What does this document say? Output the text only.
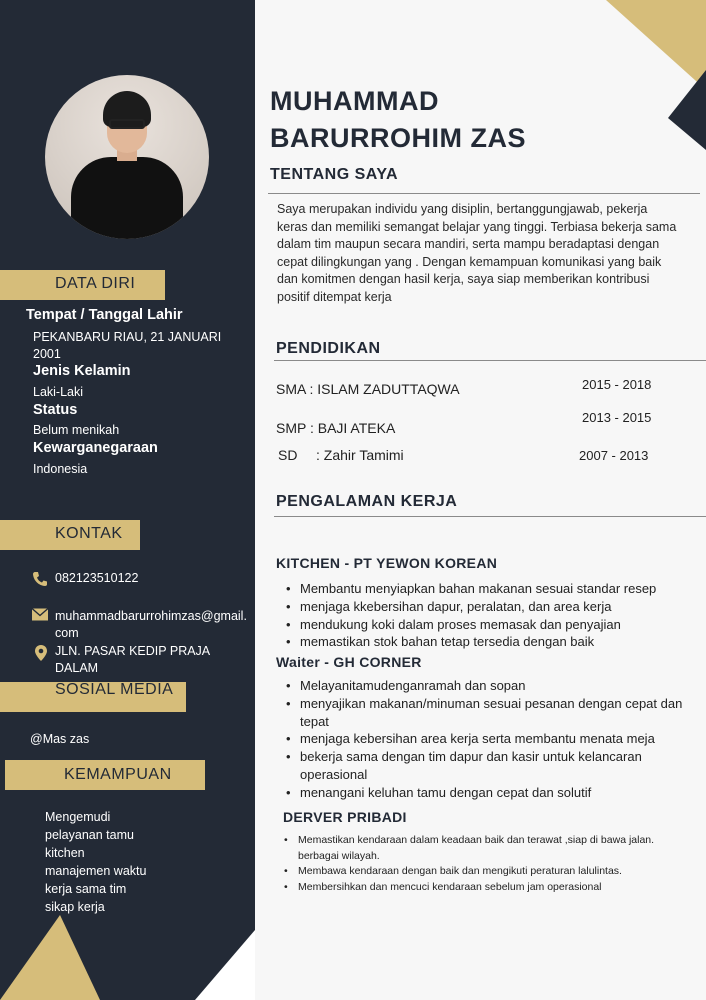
DATA DIRI
Tempat / Tanggal Lahir
PEKANBARU RIAU, 21 JANUARI 2001
Jenis Kelamin
Laki-Laki
Status
Belum menikah
Kewarganegaraan
Indonesia
KONTAK
082123510122
muhammadbarurrohimzas@gmail.com
JLN. PASAR KEDIP PRAJA DALAM
SOSIAL MEDIA
@Mas zas
KEMAMPUAN
Mengemudi
pelayanan tamu
kitchen
manajemen waktu
kerja sama tim
sikap kerja
MUHAMMAD
BARURROHIM ZAS
TENTANG SAYA
Saya merupakan individu yang disiplin, bertanggungjawab, pekerja keras dan memiliki semangat belajar yang tinggi. Terbiasa bekerja sama dalam tim maupun secara mandiri, serta mampu beradaptasi dengan cepat dilingkungan yang . Dengan kemampuan komunikasi yang baik dan komitmen dengan hasil kerja, saya siap memberikan kontribusi positif ditempat kerja
PENDIDIKAN
SMA : ISLAM ZADUTTAQWA	2015 - 2018
SMP : BAJI ATEKA
2013 - 2015
SD : Zahir Tamimi	2007 - 2013
PENGALAMAN KERJA
KITCHEN - PT YEWON KOREAN
• Membantu menyiapkan bahan makanan sesuai standar resep
• menjaga kkebersihan dapur, peralatan, dan area kerja
• mendukung koki dalam proses memasak dan penyajian
• memastikan stok bahan tetap tersedia dengan baik
Waiter - GH CORNER
• Melayanitamudenganramah dan sopan
• menyajikan makanan/minuman sesuai pesanan dengan cepat dan tepat
• menjaga kebersihan area kerja serta membantu menata meja
• bekerja sama dengan tim dapur dan kasir untuk kelancaran operasional
• menangani keluhan tamu dengan cepat dan solutif
DERVER PRIBADI
• Memastikan kendaraan dalam keadaan baik dan terawat ,siap di bawa jalan. berbagai wilayah.
• Membawa kendaraan dengan baik dan mengikuti peraturan lalulintas.
• Membersihkan dan mencuci kendaraan sebelum jam operasional
